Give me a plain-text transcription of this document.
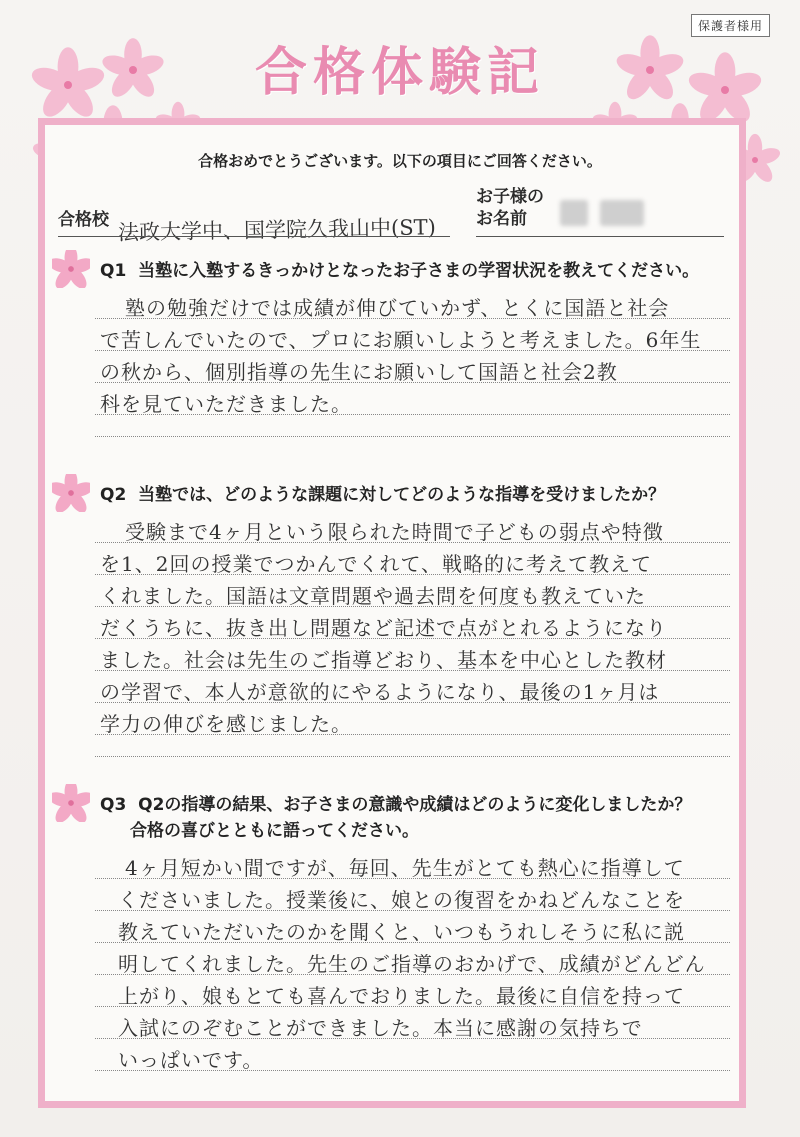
保護者様用
合格体験記
合格おめでとうございます。以下の項目にご回答ください。
合格校 法政大学中、国学院久我山中(ST)
お子様の
お名前
Q1 当塾に入塾するきっかけとなったお子さまの学習状況を教えてください。
塾の勉強だけでは成績が伸びていかず、とくに国語と社会
で苦しんでいたので、プロにお願いしようと考えました。6年生
の秋から、個別指導の先生にお願いして国語と社会2教
科を見ていただきました。
Q2 当塾では、どのような課題に対してどのような指導を受けましたか？
受験まで4ヶ月という限られた時間で子どもの弱点や特徴
を1、2回の授業でつかんでくれて、戦略的に考えて教えて
くれました。国語は文章問題や過去問を何度も教えていた
だくうちに、抜き出し問題など記述で点がとれるようになり
ました。社会は先生のご指導どおり、基本を中心とした教材
の学習で、本人が意欲的にやるようになり、最後の1ヶ月は
学力の伸びを感じました。
Q3 Q2の指導の結果、お子さまの意識や成績はどのように変化しましたか？
合格の喜びとともに語ってください。
4ヶ月短かい間ですが、毎回、先生がとても熱心に指導して
くださいました。授業後に、娘との復習をかねどんなことを
教えていただいたのかを聞くと、いつもうれしそうに私に説
明してくれました。先生のご指導のおかげで、成績がどんどん
上がり、娘もとても喜んでおりました。最後に自信を持って
入試にのぞむことができました。本当に感謝の気持ちで
いっぱいです。
